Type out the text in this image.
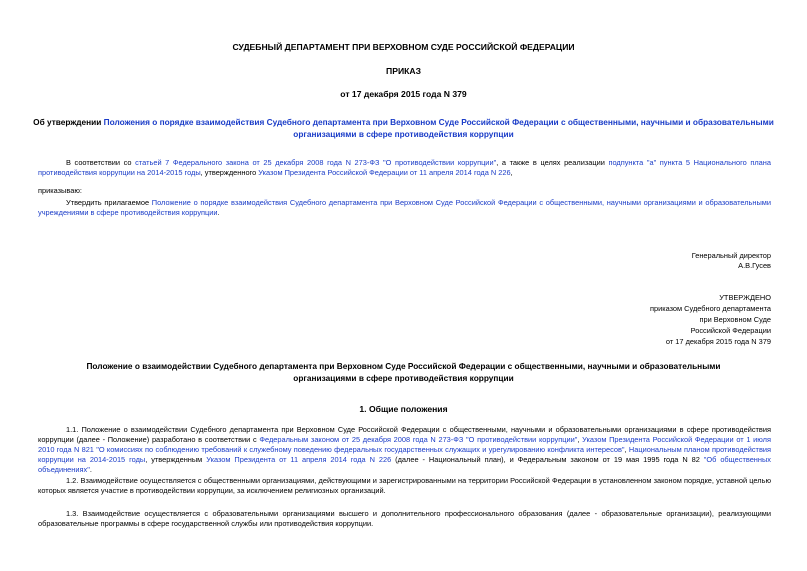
СУДЕБНЫЙ ДЕПАРТАМЕНТ ПРИ ВЕРХОВНОМ СУДЕ РОССИЙСКОЙ ФЕДЕРАЦИИ
ПРИКАЗ
от 17 декабря 2015 года N 379
Об утверждении Положения о порядке взаимодействия Судебного департамента при Верховном Суде Российской Федерации с общественными, научными и образовательными организациями в сфере противодействия коррупции
В соответствии со статьей 7 Федерального закона от 25 декабря 2008 года N 273-ФЗ "О противодействии коррупции", а также в целях реализации подпункта "а" пункта 5 Национального плана противодействия коррупции на 2014-2015 годы, утвержденного Указом Президента Российской Федерации от 11 апреля 2014 года N 226,
приказываю:
Утвердить прилагаемое Положение о порядке взаимодействия Судебного департамента при Верховном Суде Российской Федерации с общественными, научными организациями и образовательными учреждениями в сфере противодействия коррупции.
Генеральный директор
А.В.Гусев
УТВЕРЖДЕНО
приказом Судебного департамента
при Верховном Суде
Российской Федерации
от 17 декабря 2015 года N 379
Положение о взаимодействии Судебного департамента при Верховном Суде Российской Федерации с общественными, научными и образовательными организациями в сфере противодействия коррупции
1. Общие положения
1.1. Положение о взаимодействии Судебного департамента при Верховном Суде Российской Федерации с общественными, научными и образовательными организациями в сфере противодействия коррупции (далее - Положение) разработано в соответствии с Федеральным законом от 25 декабря 2008 года N 273-ФЗ "О противодействии коррупции", Указом Президента Российской Федерации от 1 июля 2010 года N 821 "О комиссиях по соблюдению требований к служебному поведению федеральных государственных служащих и урегулированию конфликта интересов", Национальным планом противодействия коррупции на 2014-2015 годы, утвержденным Указом Президента от 11 апреля 2014 года N 226 (далее - Национальный план), и Федеральным законом от 19 мая 1995 года N 82 "Об общественных объединениях".
1.2. Взаимодействие осуществляется с общественными организациями, действующими и зарегистрированными на территории Российской Федерации в установленном законом порядке, уставной целью которых является участие в противодействии коррупции, за исключением религиозных организаций.
1.3. Взаимодействие осуществляется с образовательными организациями высшего и дополнительного профессионального образования (далее - образовательные организации), реализующими образовательные программы в сфере государственной службы или противодействия коррупции.
